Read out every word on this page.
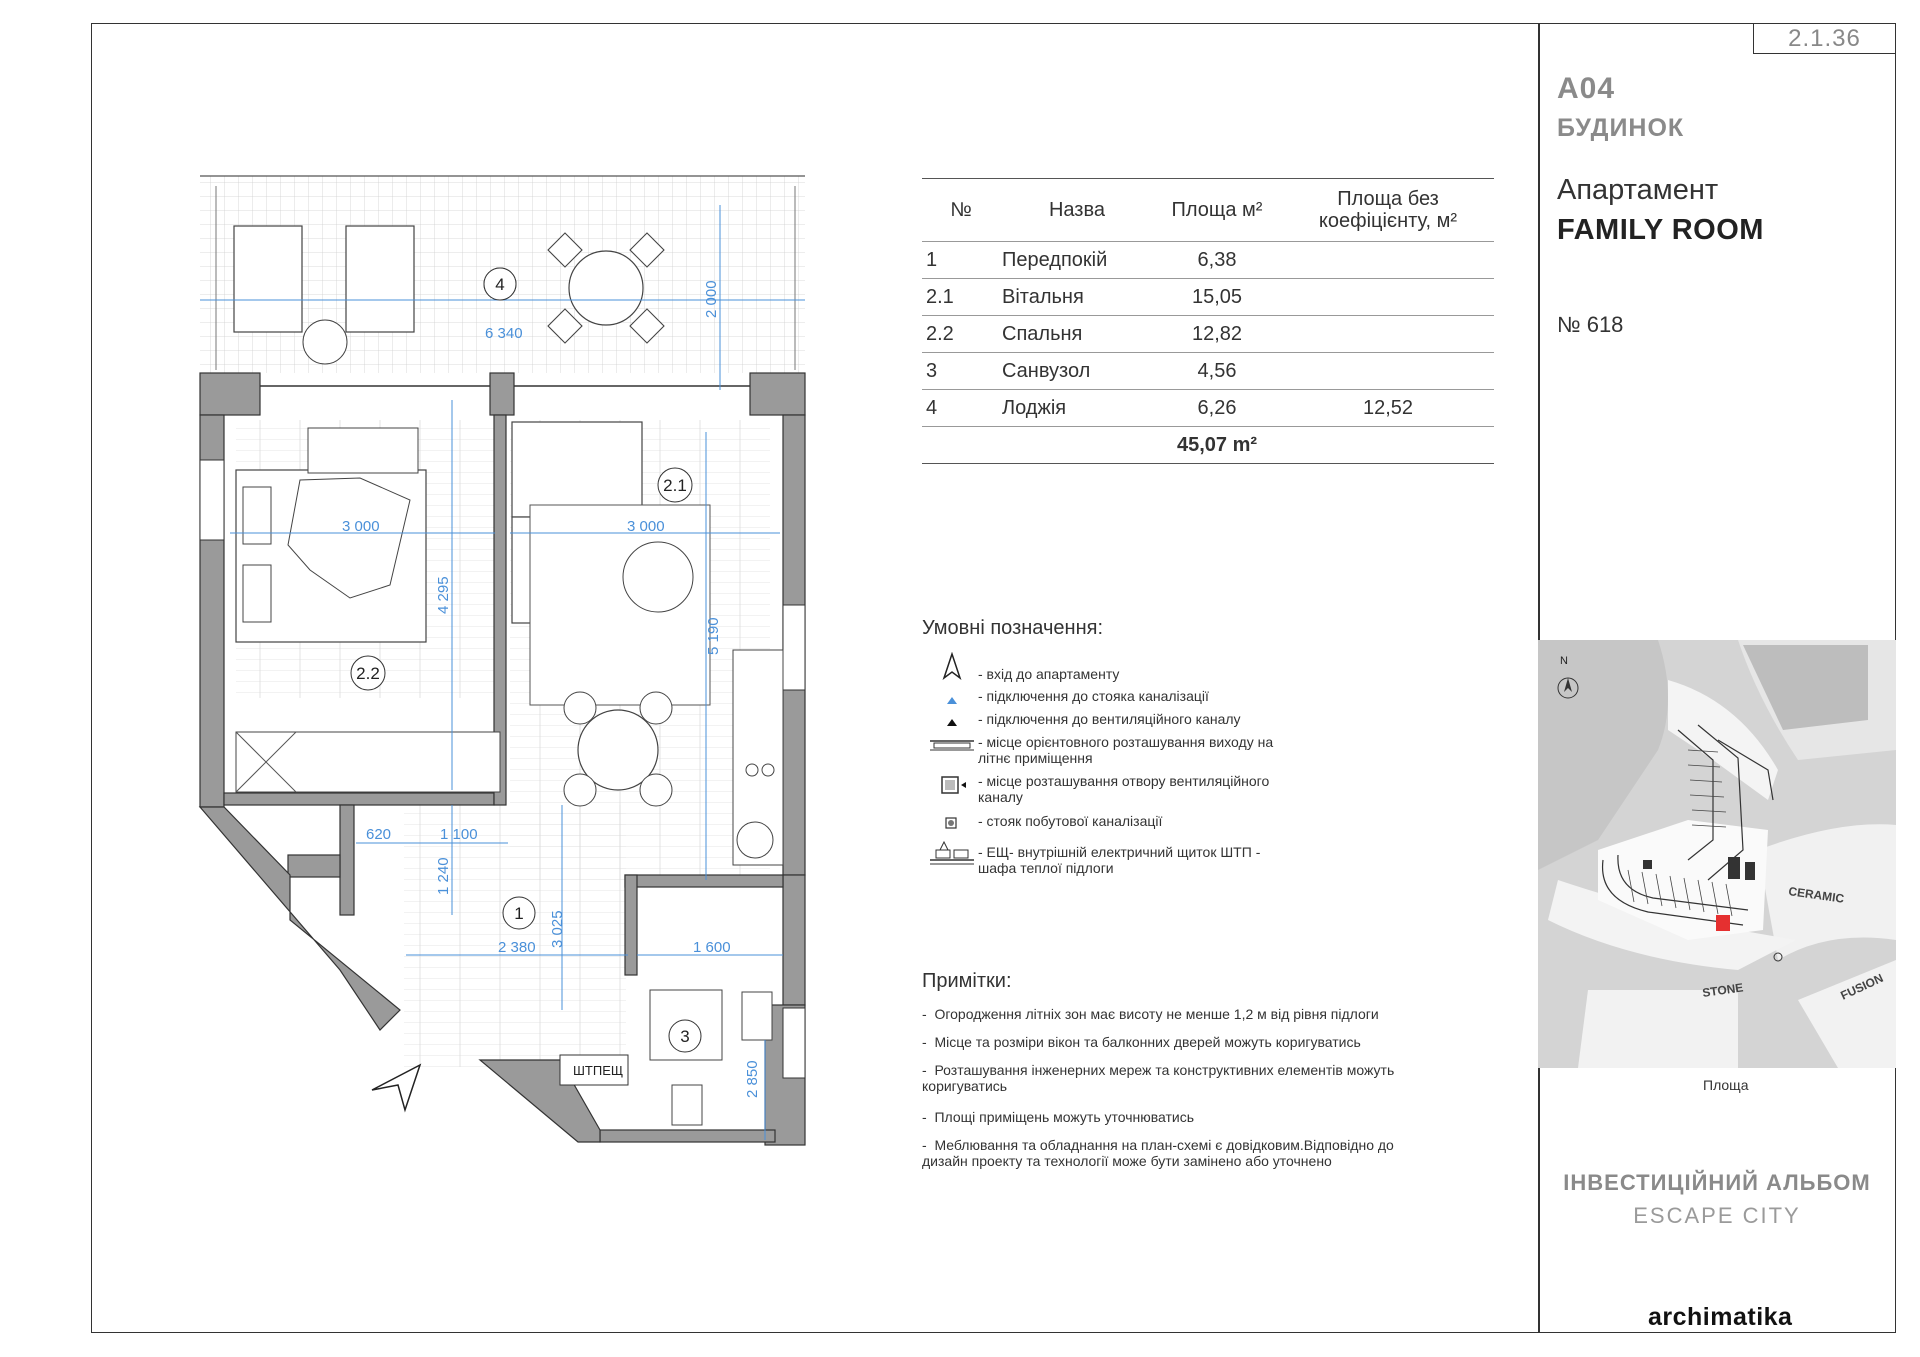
2.1.36
A04
БУДИНОК
Апартамент
FAMILY ROOM
№ 618
№	Назва	Площа м²	Площа без коефіцієнту, м²
1	Передпокій	6,38	
2.1	Вітальня	15,05	
2.2	Спальня	12,82	
3	Санвузол	4,56	
4	Лоджія	6,26	12,52
		45,07 m²	
Умовні позначення:
- вхід до апартаменту
- підключення до стояка каналізації
- підключення до вентиляційного каналу
- місце орієнтовного розташування виходу на літнє приміщення
- місце розташування отвору вентиляційного каналу
- стояк побутової каналізації
- ЕЩ- внутрішній електричний щиток ШТП - шафа теплої підлоги
Примітки:
-  Огородження літніх зон має висоту не менше 1,2 м від рівня підлоги
-  Місце та розміри вікон та балконних дверей можуть коригуватись
-  Розташування інженерних мереж та конструктивних елементів можуть коригуватись
-  Площі приміщень можуть уточнюватись
-  Меблювання та обладнання на план-схемі є довідковим.Відповідно до дизайн проекту та технології може бути замінено або уточнено
N
CERAMIC
STONE	FUSION
Площа
ІНВЕСТИЦІЙНИЙ АЛЬБОМ
ESCAPE CITY
archimatika
6 340
2 000
3 000	3 000
4 295
5 190
620	1 100
1 240
3 025
2 380	1 600
2 850
4
2.1
2.2
1
3
ШТПЕЩ
